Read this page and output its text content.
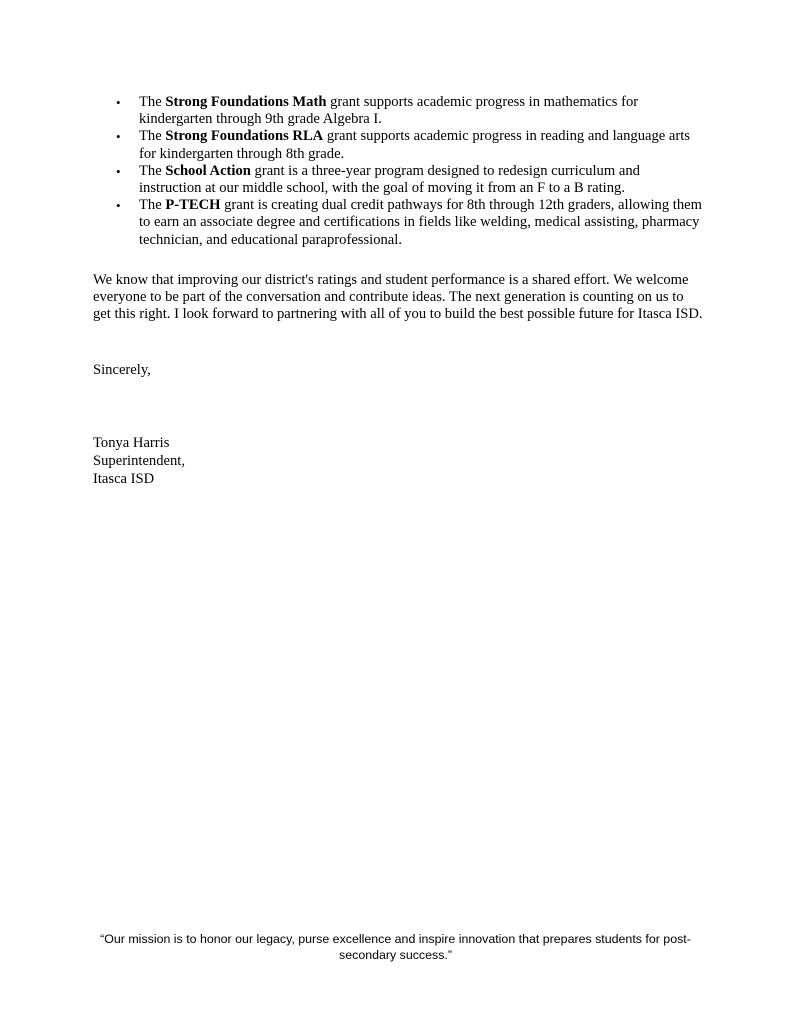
• The Strong Foundations Math grant supports academic progress in mathematics for kindergarten through 9th grade Algebra I.
• The Strong Foundations RLA grant supports academic progress in reading and language arts for kindergarten through 8th grade.
• The School Action grant is a three-year program designed to redesign curriculum and instruction at our middle school, with the goal of moving it from an F to a B rating.
• The P-TECH grant is creating dual credit pathways for 8th through 12th graders, allowing them to earn an associate degree and certifications in fields like welding, medical assisting, pharmacy technician, and educational paraprofessional.

We know that improving our district's ratings and student performance is a shared effort. We welcome everyone to be part of the conversation and contribute ideas. The next generation is counting on us to get this right. I look forward to partnering with all of you to build the best possible future for Itasca ISD.

Sincerely,

Tonya Harris
Superintendent,
Itasca ISD

“Our mission is to honor our legacy, purse excellence and inspire innovation that prepares students for post-secondary success.”
